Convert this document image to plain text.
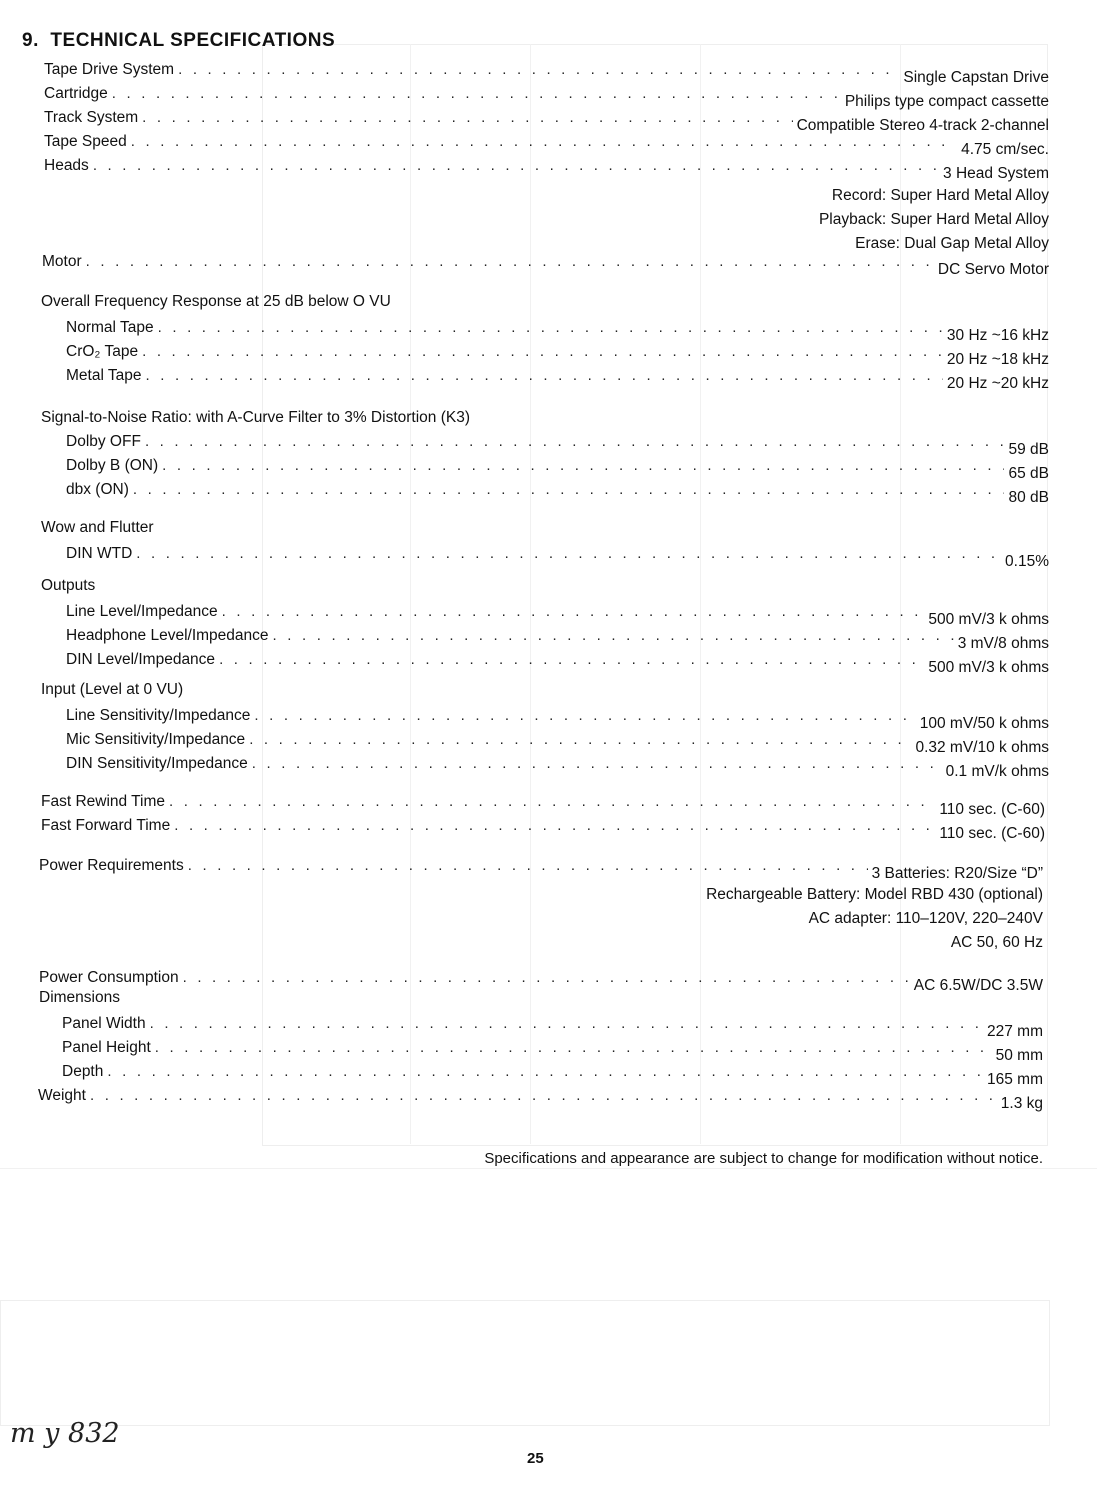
9. TECHNICAL SPECIFICATIONS
Tape Drive System . . .	Single Capstan Drive
Cartridge . . .	Philips type compact cassette
Track System . . .	Compatible Stereo 4-track 2-channel
Tape Speed . . .	4.75 cm/sec.
Heads . . .	3 Head System
Record: Super Hard Metal Alloy
Playback: Super Hard Metal Alloy
Erase: Dual Gap Metal Alloy
Motor . . .	DC Servo Motor
Overall Frequency Response at 25 dB below O VU
Normal Tape . . .	30 Hz ~16 kHz
CrO₂ Tape . . .	20 Hz ~18 kHz
Metal Tape . . .	20 Hz ~20 kHz
Signal-to-Noise Ratio: with A-Curve Filter to 3% Distortion (K3)
Dolby OFF . . .	59 dB
Dolby B (ON) . . .	65 dB
dbx (ON) . . .	80 dB
Wow and Flutter
DIN WTD . . .	0.15%
Outputs
Line Level/Impedance . . .	500 mV/3 k ohms
Headphone Level/Impedance . . .	3 mV/8 ohms
DIN Level/Impedance . . .	500 mV/3 k ohms
Input (Level at 0 VU)
Line Sensitivity/Impedance . . .	100 mV/50 k ohms
Mic Sensitivity/Impedance . . .	0.32 mV/10 k ohms
DIN Sensitivity/Impedance . . .	0.1 mV/k ohms
Fast Rewind Time . . .	110 sec. (C-60)
Fast Forward Time . . .	110 sec. (C-60)
Power Requirements . . .	3 Batteries: R20/Size “D”
Rechargeable Battery: Model RBD 430 (optional)
AC adapter: 110–120V, 220–240V
AC 50, 60 Hz
Power Consumption . . .	AC 6.5W/DC 3.5W
Dimensions
Panel Width . . .	227 mm
Panel Height . . .	50 mm
Depth . . .	165 mm
Weight . . .	1.3 kg
Specifications and appearance are subject to change for modification without notice.
m y 832
25
